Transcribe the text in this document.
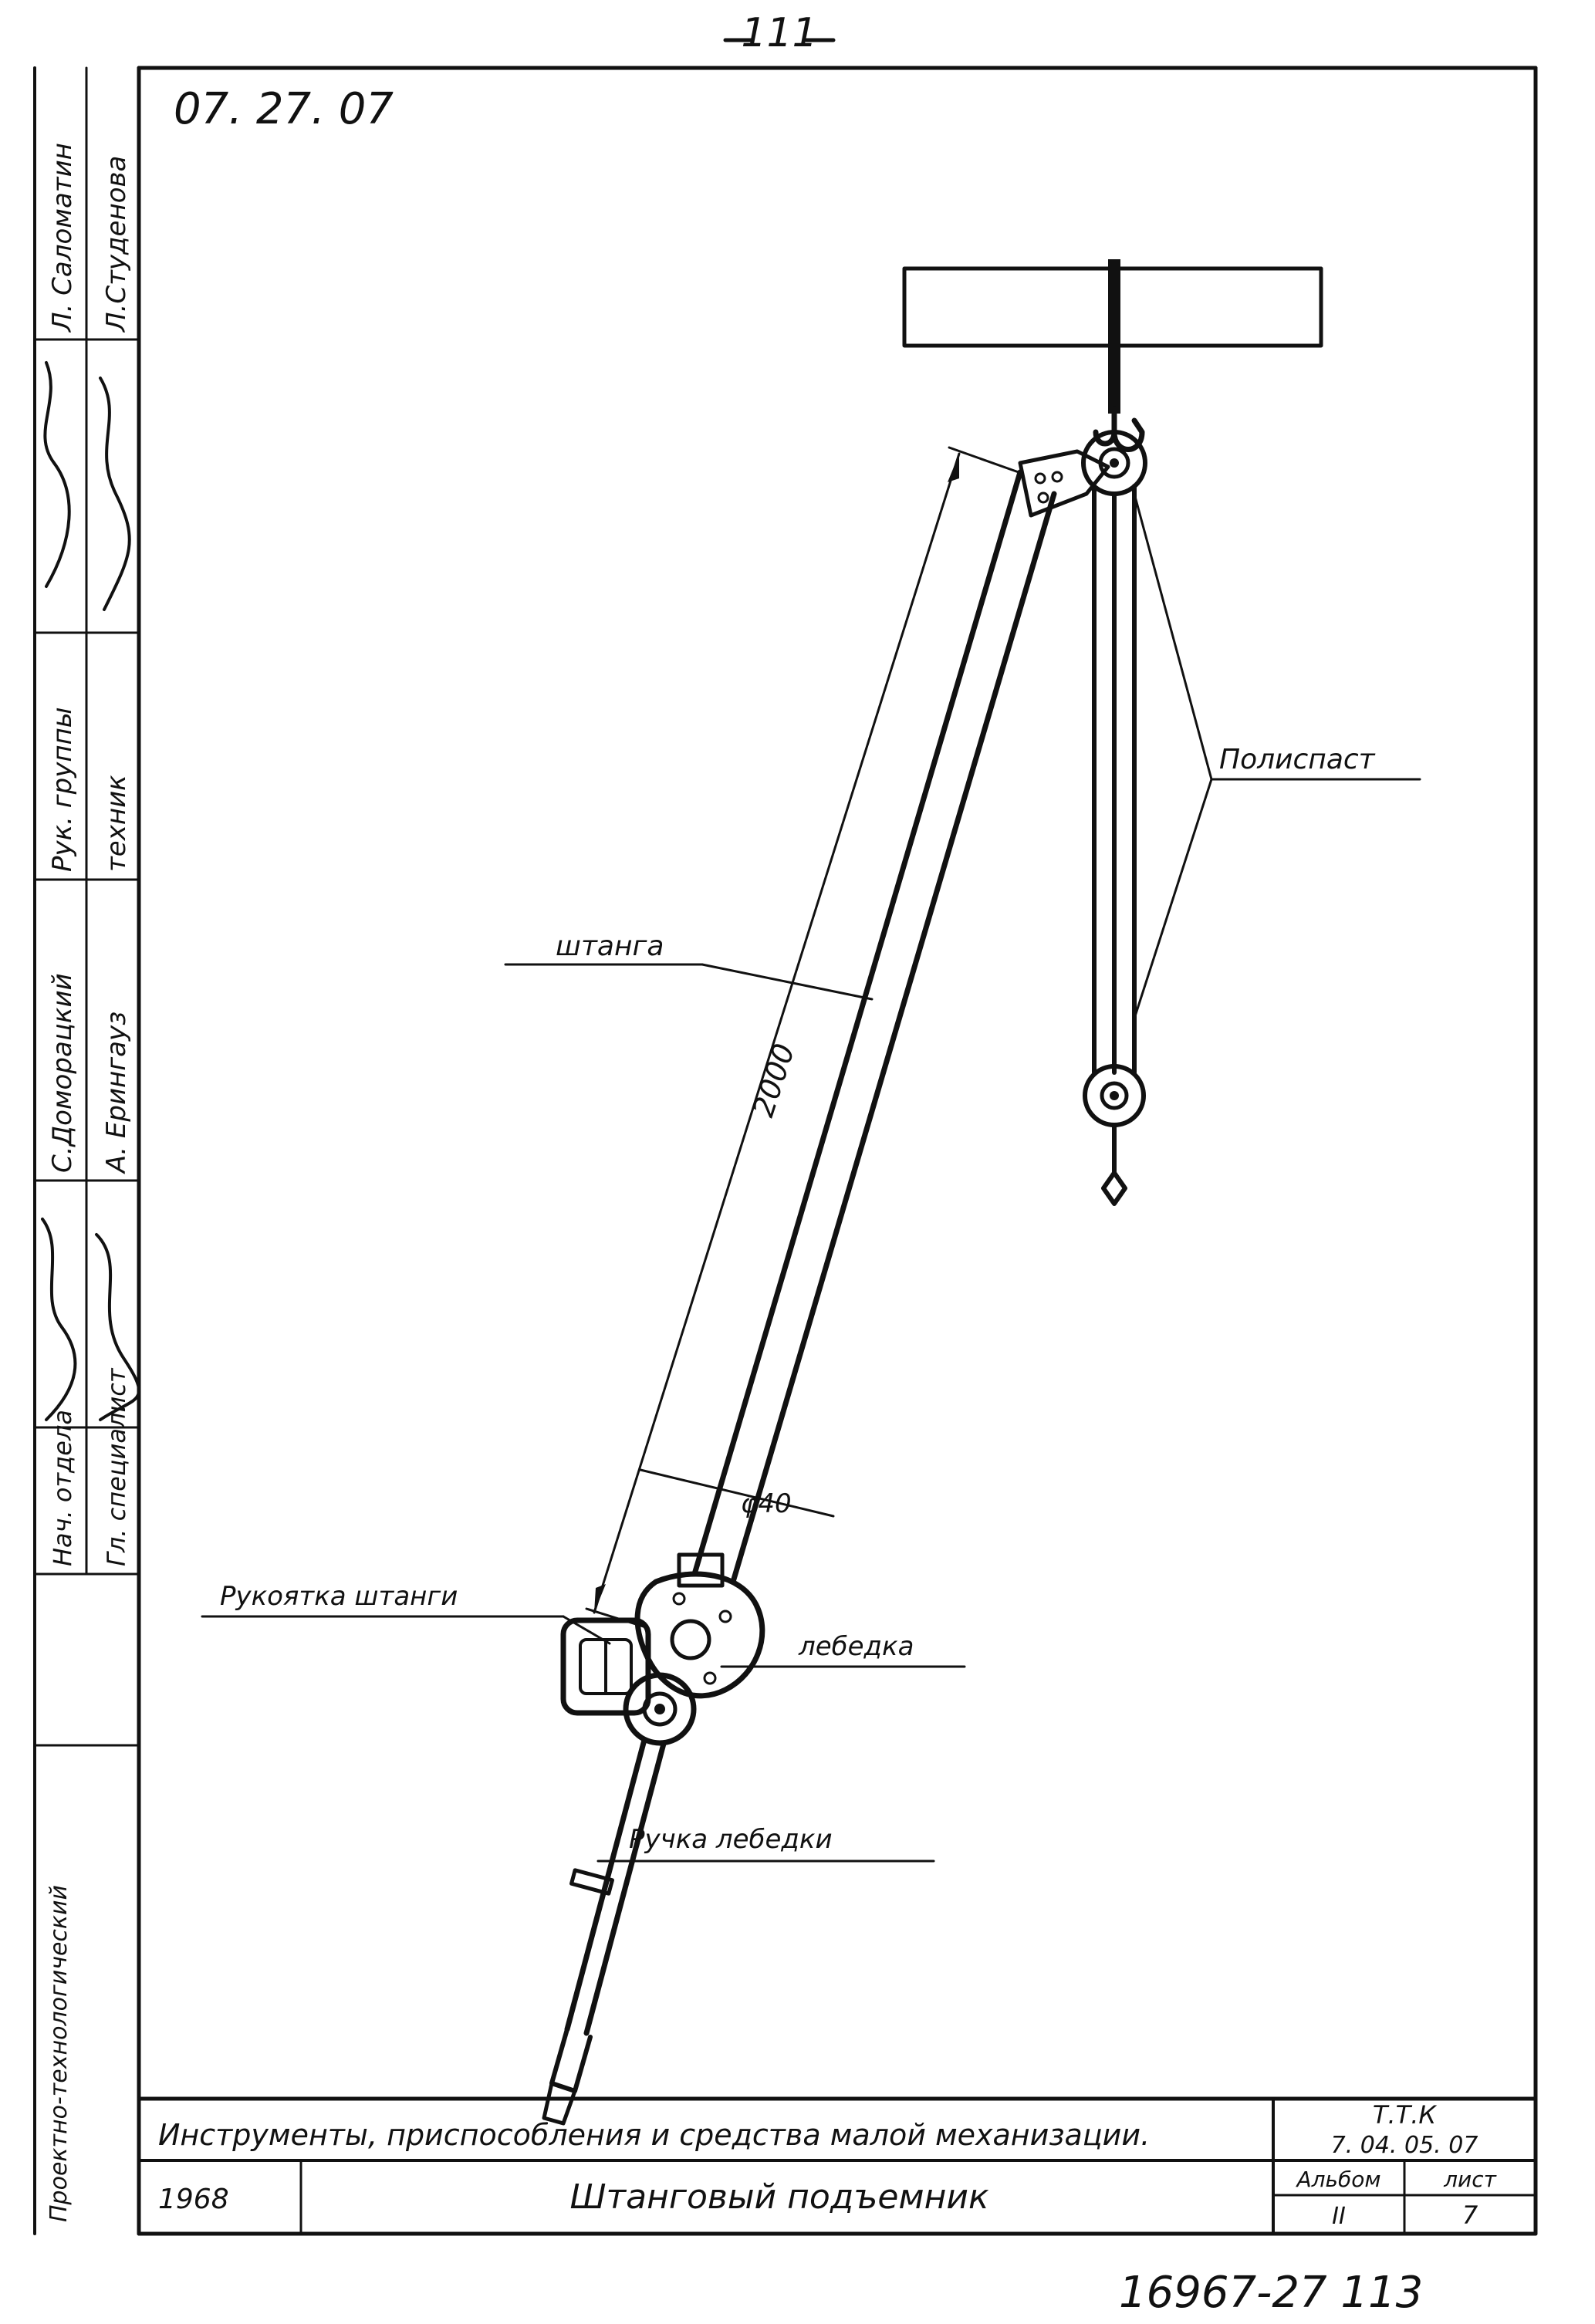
111
Л. Саломатин Л.Студенова
Рук. группы техник
С.Доморацкий А. Ерингауз
Нач. отдела Гл. специалист
Проектно-технологический
07. 27. 07
Полиспаст
штанга
2000
φ40
Рукоятка штанги
лебедка
Ручка лебедки
Инструменты, приспособления и средства малой механизации.
Т.Т.К
7. 04. 05. 07
1968	Штанговый подъемник	Альбом
II
лист
7
16967-27 113
